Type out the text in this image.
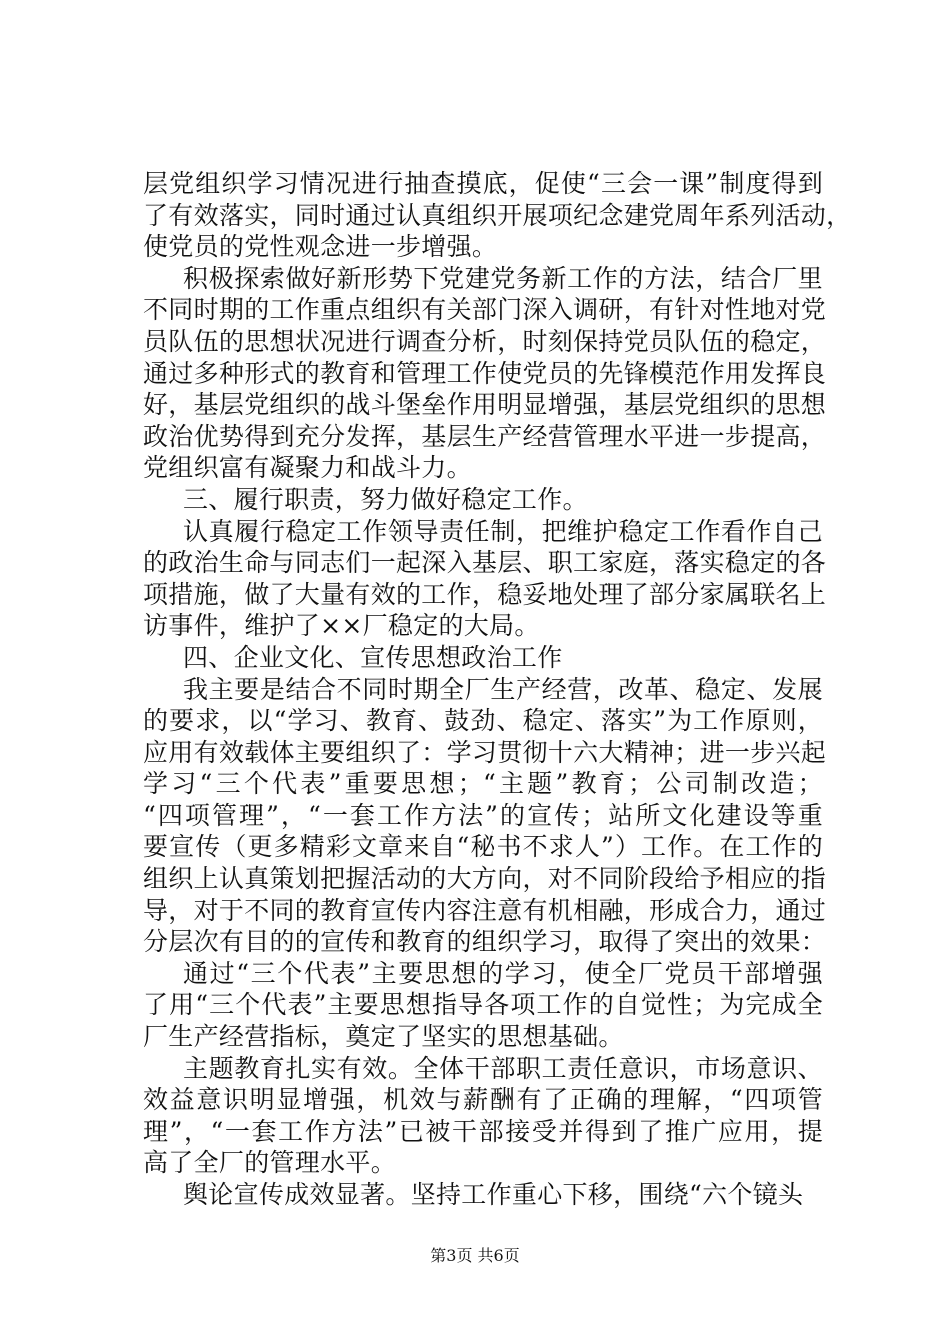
层党组织学习情况进行抽查摸底，促使“三会一课”制度得到
了有效落实，同时通过认真组织开展项纪念建党周年系列活动，
使党员的党性观念进一步增强。
积极探索做好新形势下党建党务新工作的方法，结合厂里
不同时期的工作重点组织有关部门深入调研，有针对性地对党
员队伍的思想状况进行调查分析，时刻保持党员队伍的稳定，
通过多种形式的教育和管理工作使党员的先锋模范作用发挥良
好，基层党组织的战斗堡垒作用明显增强，基层党组织的思想
政治优势得到充分发挥，基层生产经营管理水平进一步提高，
党组织富有凝聚力和战斗力。
三、履行职责，努力做好稳定工作。
认真履行稳定工作领导责任制，把维护稳定工作看作自己
的政治生命与同志们一起深入基层、职工家庭，落实稳定的各
项措施，做了大量有效的工作，稳妥地处理了部分家属联名上
访事件，维护了××厂稳定的大局。
四、企业文化、宣传思想政治工作
我主要是结合不同时期全厂生产经营，改革、稳定、发展
的要求，以“学习、教育、鼓劲、稳定、落实”为工作原则，
应用有效载体主要组织了：学习贯彻十六大精神；进一步兴起
学习“三个代表”重要思想；“主题”教育；公司制改造；
“四项管理”，“一套工作方法”的宣传；站所文化建设等重
要宣传（更多精彩文章来自“秘书不求人”）工作。在工作的
组织上认真策划把握活动的大方向，对不同阶段给予相应的指
导，对于不同的教育宣传内容注意有机相融，形成合力，通过
分层次有目的的宣传和教育的组织学习，取得了突出的效果：
通过“三个代表”主要思想的学习，使全厂党员干部增强
了用“三个代表”主要思想指导各项工作的自觉性；为完成全
厂生产经营指标，奠定了坚实的思想基础。
主题教育扎实有效。全体干部职工责任意识，市场意识、
效益意识明显增强，机效与薪酬有了正确的理解，“四项管
理”，“一套工作方法”已被干部接受并得到了推广应用，提
高了全厂的管理水平。
舆论宣传成效显著。坚持工作重心下移，围绕“六个镜头
第3页 共6页
